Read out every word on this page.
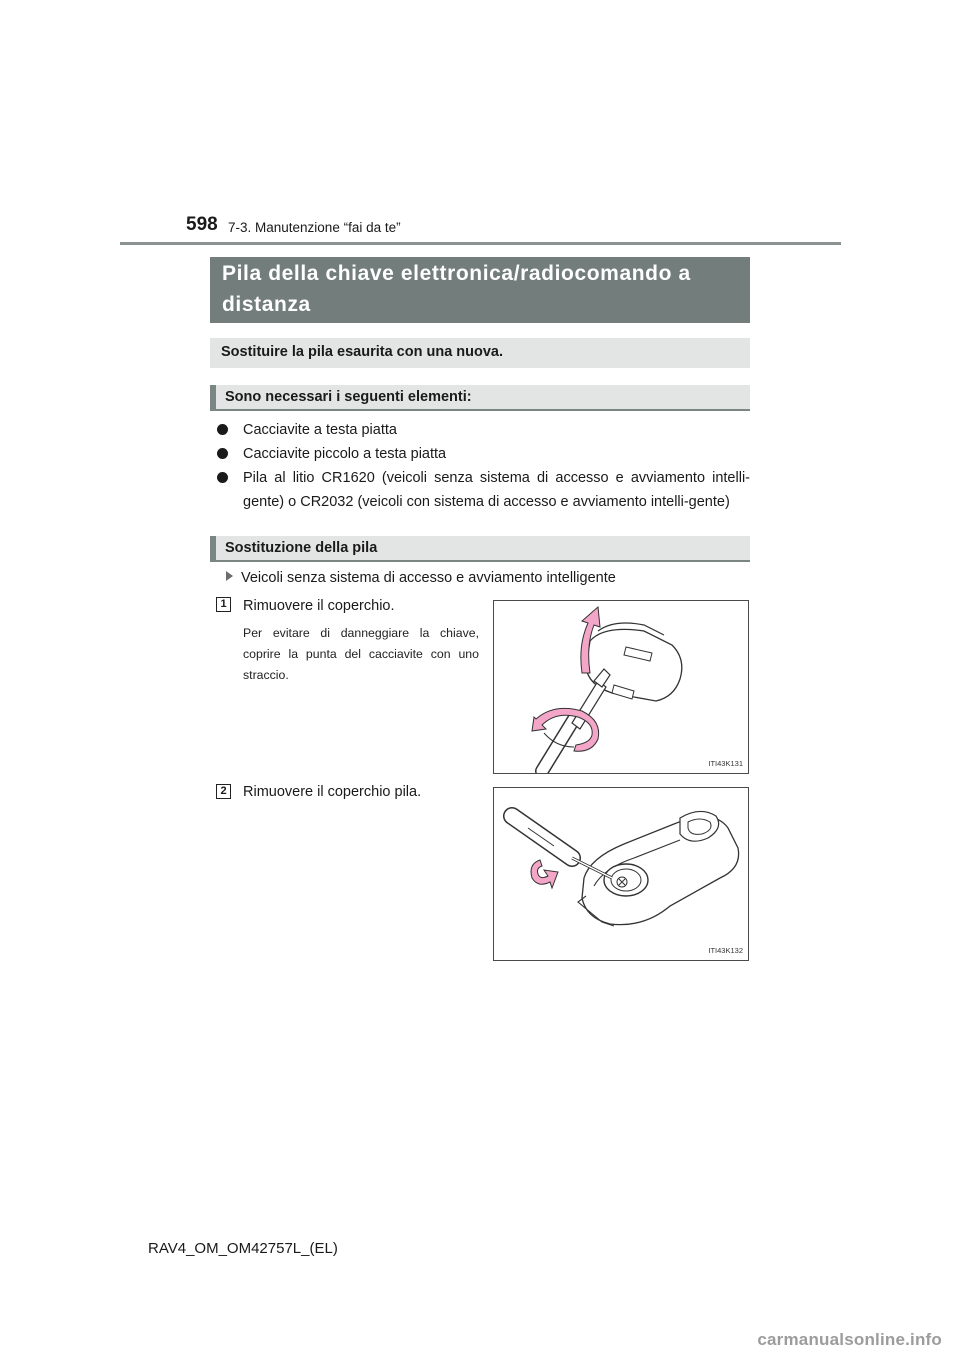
598 7-3. Manutenzione “fai da te”
Pila della chiave elettronica/radiocomando a
distanza
Sostituire la pila esaurita con una nuova.
Sono necessari i seguenti elementi:
Cacciavite a testa piatta
Cacciavite piccolo a testa piatta
Pila al litio CR1620 (veicoli senza sistema di accesso e avviamento intelli-gente) o CR2032 (veicoli con sistema di accesso e avviamento intelli-gente)
Sostituzione della pila
Veicoli senza sistema di accesso e avviamento intelligente
1	Rimuovere il coperchio.
Per evitare di danneggiare la chiave, coprire la punta del cacciavite con uno straccio.
ITI43K131
2	Rimuovere il coperchio pila.
ITI43K132
RAV4_OM_OM42757L_(EL)
carmanualsonline.info
